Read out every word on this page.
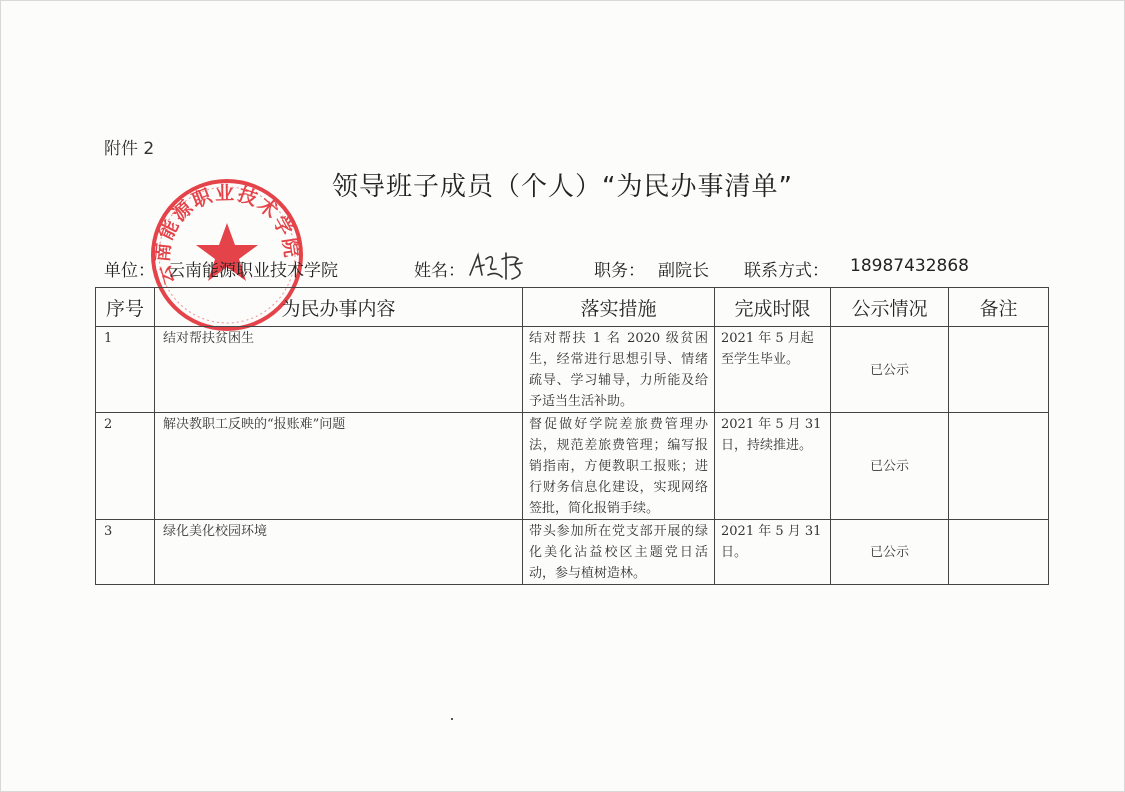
附件 2
领导班子成员（个人）“为民办事清单”
云南能源职业技术学院
单位： 云南能源职业技术学院	姓名：	职务： 副院长 联系方式： 18987432868
序号	为民办事内容	落实措施	完成时限	公示情况	备注
1	结对帮扶贫困生	结对帮扶 1 名 2020 级贫困生，经常进行思想引导、情绪疏导、学习辅导，力所能及给予适当生活补助。	2021 年 5 月起至学生毕业。	已公示	
2	解决教职工反映的“报账难”问题	督促做好学院差旅费管理办法，规范差旅费管理；编写报销指南，方便教职工报账；进行财务信息化建设，实现网络签批，简化报销手续。	2021 年 5 月 31 日，持续推进。	已公示	
3	绿化美化校园环境	带头参加所在党支部开展的绿化美化沾益校区主题党日活动，参与植树造林。	2021 年 5 月 31 日。	已公示	
